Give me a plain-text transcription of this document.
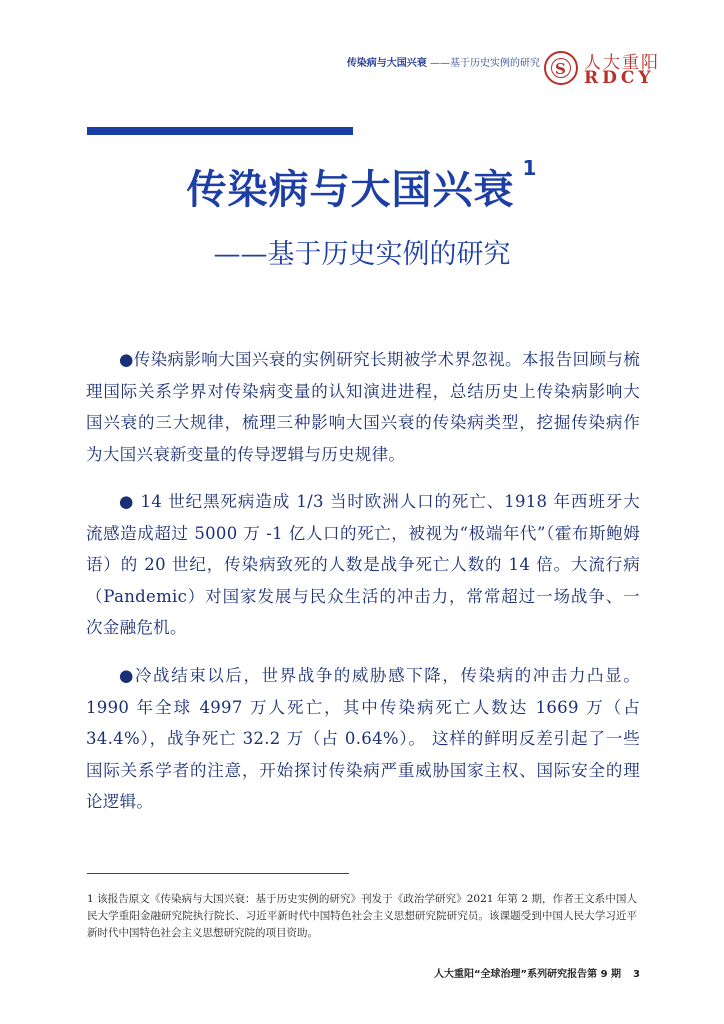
传染病与大国兴衰 ——基于历史实例的研究 S 人大重阳
RDCY
传染病与大国兴衰 $^1$
——基于历史实例的研究
●传染病影响大国兴衰的实例研究长期被学术界忽视。本报告回顾与梳理国际关系学界对传染病变量的认知演进进程，总结历史上传染病影响大国兴衰的三大规律，梳理三种影响大国兴衰的传染病类型，挖掘传染病作为大国兴衰新变量的传导逻辑与历史规律。
● 14 世纪黑死病造成 1/3 当时欧洲人口的死亡、1918 年西班牙大流感造成超过 5000 万 -1 亿人口的死亡，被视为“极端年代”（霍布斯鲍姆语）的 20 世纪，传染病致死的人数是战争死亡人数的 14 倍。大流行病（Pandemic）对国家发展与民众生活的冲击力，常常超过一场战争、一次金融危机。
●冷战结束以后，世界战争的威胁感下降，传染病的冲击力凸显。1990 年全球 4997 万人死亡，其中传染病死亡人数达 1669 万（占 34.4%），战争死亡 32.2 万（占 0.64%）。 这样的鲜明反差引起了一些国际关系学者的注意，开始探讨传染病严重威胁国家主权、国际安全的理论逻辑。
1 该报告原文《传染病与大国兴衰：基于历史实例的研究》刊发于《政治学研究》2021 年第 2 期，作者王文系中国人民大学重阳金融研究院执行院长、习近平新时代中国特色社会主义思想研究院研究员。该课题受到中国人民大学习近平新时代中国特色社会主义思想研究院的项目资助。
人大重阳“全球治理”系列研究报告第 9 期 3
